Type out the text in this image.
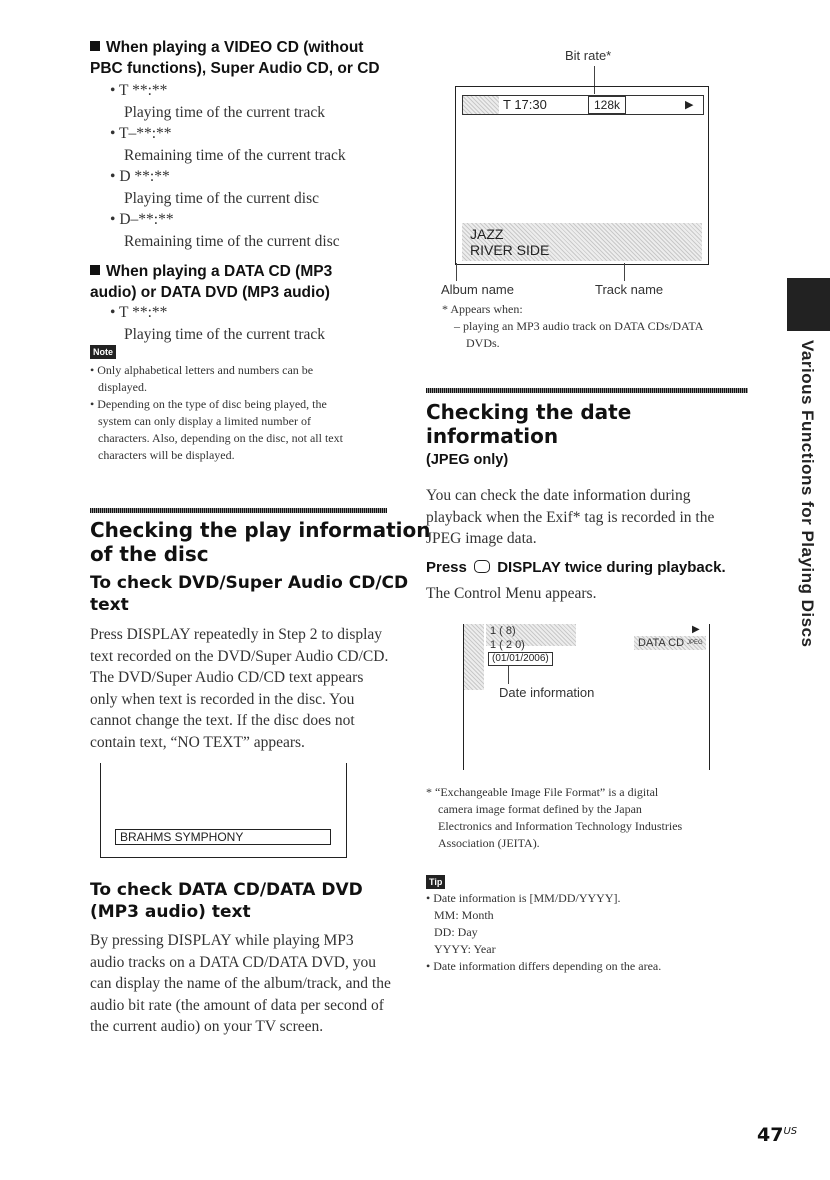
When playing a VIDEO CD (without
PBC functions), Super Audio CD, or CD
• T **:**
Playing time of the current track
• T–**:**
Remaining time of the current track
• D **:**
Playing time of the current disc
• D–**:**
Remaining time of the current disc
When playing a DATA CD (MP3
audio) or DATA DVD (MP3 audio)
• T **:**
Playing time of the current track
Note
• Only alphabetical letters and numbers can be
displayed.
• Depending on the type of disc being played, the
system can only display a limited number of
characters. Also, depending on the disc, not all text
characters will be displayed.
Checking the play information
of the disc
To check DVD/Super Audio CD/CD
text
Press DISPLAY repeatedly in Step 2 to display
text recorded on the DVD/Super Audio CD/CD.
The DVD/Super Audio CD/CD text appears
only when text is recorded in the disc. You
cannot change the text. If the disc does not
contain text, “NO TEXT” appears.
BRAHMS SYMPHONY
To check DATA CD/DATA DVD
(MP3 audio) text
By pressing DISPLAY while playing MP3
audio tracks on a DATA CD/DATA DVD, you
can display the name of the album/track, and the
audio bit rate (the amount of data per second of
the current audio) on your TV screen.
Bit rate*
T 17:30	128k	▶
JAZZ
RIVER SIDE
Album name	Track name
* Appears when:
– playing an MP3 audio track on DATA CDs/DATA
DVDs.
Checking the date
information
(JPEG only)
You can check the date information during
playback when the Exif* tag is recorded in the
JPEG image data.
Press DISPLAY twice during playback.
The Control Menu appears.
1 ( 8)
1 ( 2 0)
(01/01/2006)
DATA CD JPEG
▶
Date information
* “Exchangeable Image File Format” is a digital
camera image format defined by the Japan
Electronics and Information Technology Industries
Association (JEITA).
Tip
• Date information is [MM/DD/YYYY].
MM: Month
DD: Day
YYYY: Year
• Date information differs depending on the area.
Various Functions for Playing Discs
$47^{US}$
